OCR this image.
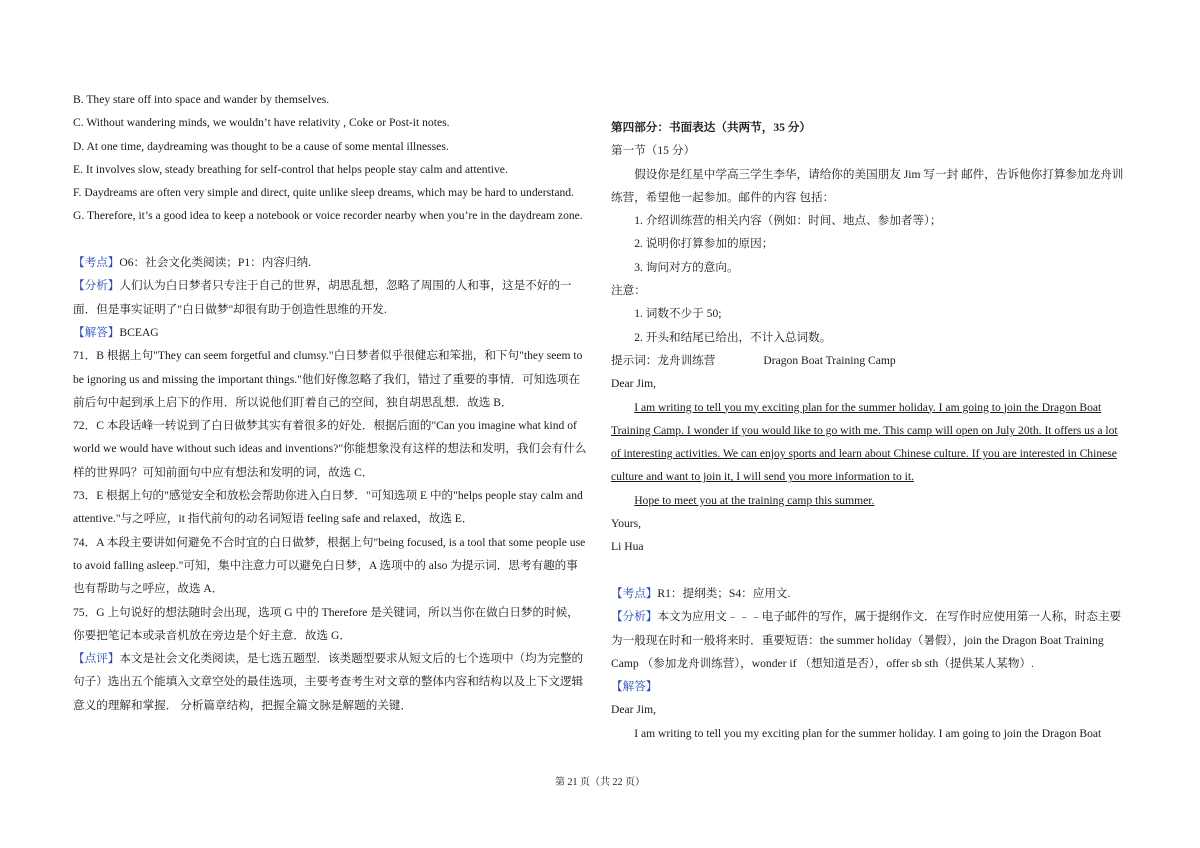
B. They stare off into space and wander by themselves.

C. Without wandering minds, we wouldn’t have relativity , Coke or Post-it notes.

D. At one time, daydreaming was thought to be a cause of some mental illnesses.

E. It involves slow, steady breathing for self-control that helps people stay calm and attentive.

F. Daydreams are often very simple and direct, quite unlike sleep dreams, which may be hard to understand.

G. Therefore, it’s a good idea to keep a notebook or voice recorder nearby when you’re in the daydream zone.

【考点】O6：社会文化类阅读；P1：内容归纳.

【分析】人们认为白日梦者只专注于自己的世界，胡思乱想，忽略了周围的人和事，这是不好的一面．但是事实证明了"白日做梦"却很有助于创造性思维的开发.

【解答】BCEAG

71．B 根据上句"They can seem forgetful and clumsy."白日梦者似乎很健忘和笨拙，和下句"they seem to be ignoring us and missing the important things."他们好像忽略了我们，错过了重要的事情．可知选项在前后句中起到承上启下的作用．所以说他们盯着自己的空间，独自胡思乱想．故选 B．

72．C 本段话峰一转说到了白日做梦其实有着很多的好处．根据后面的"Can you imagine what kind of world we would have without such ideas and inventions?"你能想象没有这样的想法和发明，我们会有什么样的世界吗？可知前面句中应有想法和发明的词，故选 C．

73．E 根据上句的"感觉安全和放松会帮助你进入白日梦．"可知选项 E 中的"helps people stay calm and attentive."与之呼应，it 指代前句的动名词短语 feeling safe and relaxed，故选 E．

74．A 本段主要讲如何避免不合时宜的白日做梦，根据上句"being focused, is a tool that some people use to avoid falling asleep."可知，集中注意力可以避免白日梦，A 选项中的 also 为提示词．思考有趣的事也有帮助与之呼应，故选 A．

75．G 上句说好的想法随时会出现，选项 G 中的 Therefore 是关键词，所以当你在做白日梦的时候，你要把笔记本或录音机放在旁边是个好主意．故选 G．

【点评】本文是社会文化类阅读，是七选五题型．该类题型要求从短文后的七个选项中（均为完整的句子）选出五个能填入文章空处的最佳选项，主要考查考生对文章的整体内容和结构以及上下文逻辑意义的理解和掌握． 分析篇章结构，把握全篇文脉是解题的关键．

第四部分：书面表达（共两节，35 分）

第一节（15 分）

假设你是红星中学高三学生李华，请给你的美国朋友 Jim 写一封 邮件，告诉他你打算参加龙舟训练营，希望他一起参加。邮件的内容 包括：

1. 介绍训练营的相关内容（例如：时间、地点、参加者等）；

2. 说明你打算参加的原因；

3. 询问对方的意向。

注意：

1. 词数不少于 50;

2. 开头和结尾已给出，不计入总词数。

提示词：龙舟训练营	Dragon Boat Training Camp

Dear Jim,

I am writing to tell you my exciting plan for the summer holiday. I am going to join the Dragon Boat Training Camp. I wonder if you would like to go with me. This camp will open on July 20th. It offers us a lot of interesting activities. We can enjoy sports and learn about Chinese culture. If you are interested in Chinese culture and want to join it, I will send you more information to it.

Hope to meet you at the training camp this summer.

Yours,

Li Hua

【考点】R1：提纲类；S4：应用文.

【分析】本文为应用文﹣﹣﹣电子邮件的写作，属于提纲作文．在写作时应使用第一人称，时态主要为一般现在时和一般将来时．重要短语：the summer holiday（暑假），join the Dragon Boat Training Camp （参加龙舟训练营），wonder if （想知道是否），offer sb sth（提供某人某物）.

【解答】

Dear Jim,

I am writing to tell you my exciting plan for the summer holiday. I am going to join the Dragon Boat

第 21 页（共 22 页）
